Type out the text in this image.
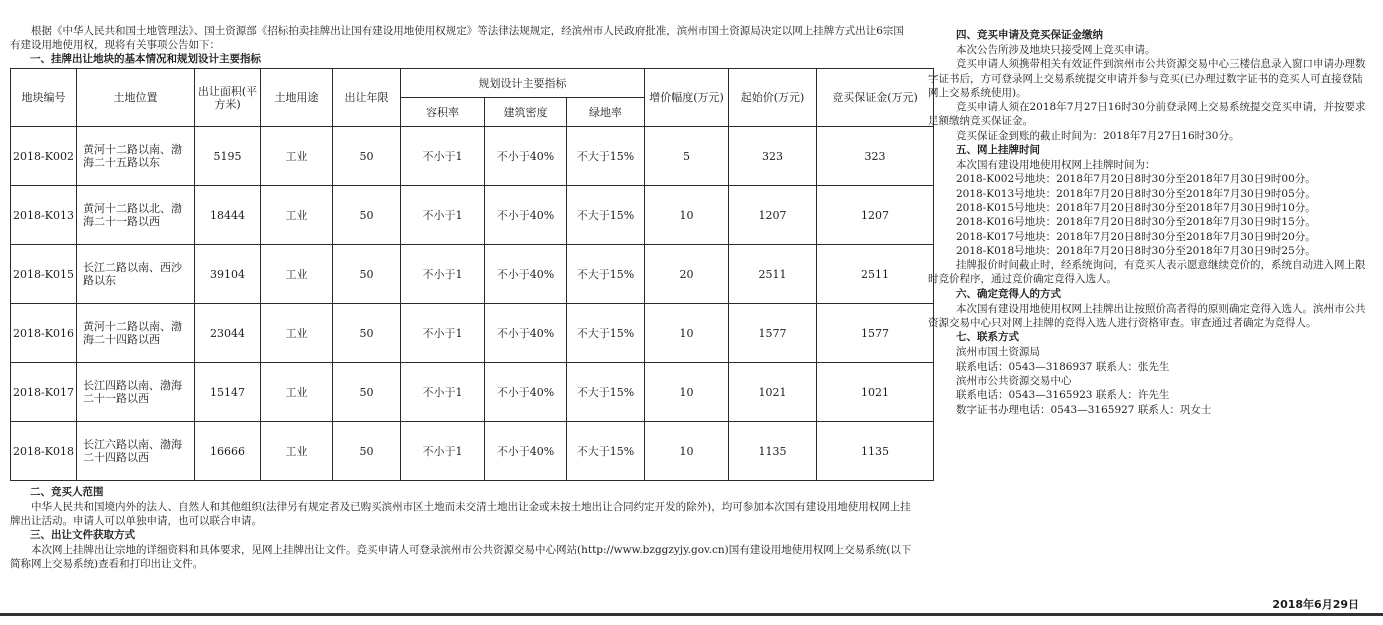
根据《中华人民共和国土地管理法》、国土资源部《招标拍卖挂牌出让国有建设用地使用权规定》等法律法规规定，经滨州市人民政府批准，滨州市国土资源局决定以网上挂牌方式出让6宗国有建设用地使用权，现将有关事项公告如下：

一、挂牌出让地块的基本情况和规划设计主要指标

地块编号	土地位置	出让面积(平方米)	土地用途	出让年限	规划设计主要指标			增价幅度(万元)	起始价(万元)	竞买保证金(万元)
					容积率	建筑密度	绿地率			
2018-K002	黄河十二路以南、渤海二十五路以东	5195	工业	50	不小于1	不小于40%	不大于15%	5	323	323
2018-K013	黄河十二路以北、渤海二十一路以西	18444	工业	50	不小于1	不小于40%	不大于15%	10	1207	1207
2018-K015	长江二路以南、西沙路以东	39104	工业	50	不小于1	不小于40%	不大于15%	20	2511	2511
2018-K016	黄河十二路以南、渤海二十四路以西	23044	工业	50	不小于1	不小于40%	不大于15%	10	1577	1577
2018-K017	长江四路以南、渤海二十一路以西	15147	工业	50	不小于1	不小于40%	不大于15%	10	1021	1021
2018-K018	长江六路以南、渤海二十四路以西	16666	工业	50	不小于1	不小于40%	不大于15%	10	1135	1135

二、竞买人范围

中华人民共和国境内外的法人、自然人和其他组织(法律另有规定者及已购买滨州市区土地而未交清土地出让金或未按土地出让合同约定开发的除外)，均可参加本次国有建设用地使用权网上挂牌出让活动。申请人可以单独申请，也可以联合申请。

三、出让文件获取方式

本次网上挂牌出让宗地的详细资料和具体要求，见网上挂牌出让文件。竞买申请人可登录滨州市公共资源交易中心网站(http://www.bzggzyjy.gov.cn)国有建设用地使用权网上交易系统(以下简称网上交易系统)查看和打印出让文件。

四、竞买申请及竞买保证金缴纳

本次公告所涉及地块只接受网上竞买申请。

竞买申请人须携带相关有效证件到滨州市公共资源交易中心三楼信息录入窗口申请办理数字证书后，方可登录网上交易系统提交申请并参与竞买(已办理过数字证书的竞买人可直接登陆网上交易系统使用)。

竞买申请人须在2018年7月27日16时30分前登录网上交易系统提交竞买申请，并按要求足额缴纳竞买保证金。

竞买保证金到账的截止时间为：2018年7月27日16时30分。

五、网上挂牌时间

本次国有建设用地使用权网上挂牌时间为：

2018-K002号地块：2018年7月20日8时30分至2018年7月30日9时00分。

2018-K013号地块：2018年7月20日8时30分至2018年7月30日9时05分。

2018-K015号地块：2018年7月20日8时30分至2018年7月30日9时10分。

2018-K016号地块：2018年7月20日8时30分至2018年7月30日9时15分。

2018-K017号地块：2018年7月20日8时30分至2018年7月30日9时20分。

2018-K018号地块：2018年7月20日8时30分至2018年7月30日9时25分。

挂牌报价时间截止时，经系统询问，有竞买人表示愿意继续竞价的，系统自动进入网上限时竞价程序，通过竞价确定竞得入选人。

六、确定竞得人的方式

本次国有建设用地使用权网上挂牌出让按照价高者得的原则确定竞得入选人。滨州市公共资源交易中心只对网上挂牌的竞得入选人进行资格审查。审查通过者确定为竞得人。

七、联系方式

滨州市国土资源局

联系电话：0543—3186937 联系人：张先生

滨州市公共资源交易中心

联系电话：0543—3165923 联系人：许先生

数字证书办理电话：0543—3165927 联系人：巩女士

2018年6月29日
